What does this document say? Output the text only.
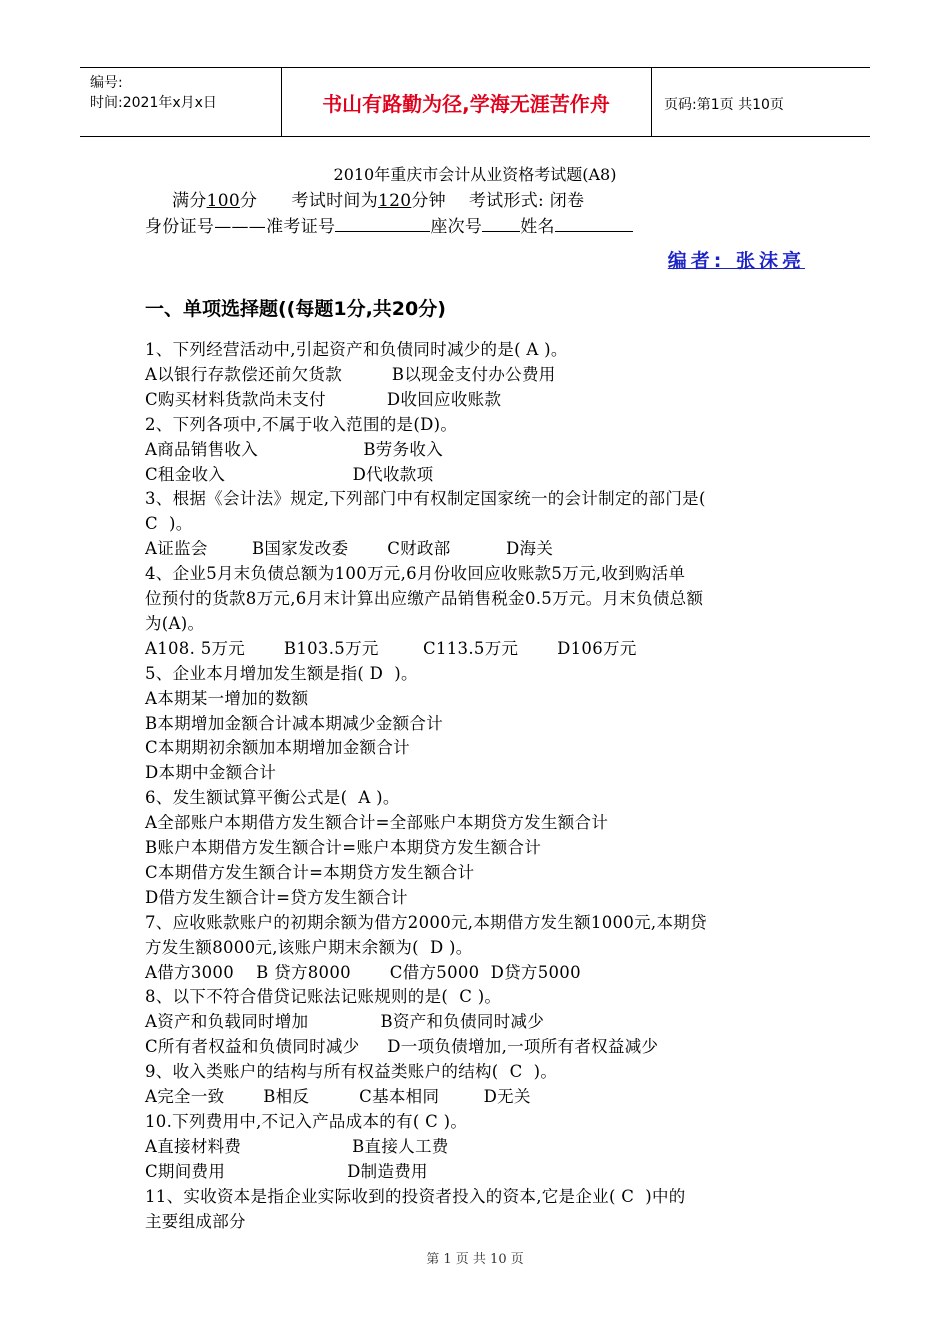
编号:
时间:2021年x月x日	书山有路勤为径,学海无涯苦作舟	页码:第1页 共10页
2010年重庆市会计从业资格考试题(A8)
满分100分 考试时间为120分钟 考试形式: 闭卷
身份证号———准考证号	座次号 姓名
编者: 张沫亮
一、单项选择题((每题1分,共20分)
1、下列经营活动中,引起资产和负债同时减少的是( A )。
A以银行存款偿还前欠货款         B以现金支付办公费用
C购买材料货款尚未支付           D收回应收账款
2、下列各项中,不属于收入范围的是(D)。
A商品销售收入                   B劳务收入
C租金收入                       D代收款项
3、根据《会计法》规定,下列部门中有权制定国家统一的会计制定的部门是(
C  )。
A证监会        B国家发改委       C财政部          D海关
4、企业5月末负债总额为100万元,6月份收回应收账款5万元,收到购活单
位预付的货款8万元,6月末计算出应缴产品销售税金0.5万元。月末负债总额
为(A)。
A108. 5万元       B103.5万元        C113.5万元       D106万元
5、企业本月增加发生额是指( D  )。
A本期某一增加的数额
B本期增加金额合计减本期减少金额合计
C本期期初余额加本期增加金额合计
D本期中金额合计
6、发生额试算平衡公式是(  A )。
A全部账户本期借方发生额合计=全部账户本期贷方发生额合计
B账户本期借方发生额合计=账户本期贷方发生额合计
C本期借方发生额合计=本期贷方发生额合计
D借方发生额合计=贷方发生额合计
7、应收账款账户的初期余额为借方2000元,本期借方发生额1000元,本期贷
方发生额8000元,该账户期末余额为(  D )。
A借方3000    B 贷方8000       C借方5000  D贷方5000
8、以下不符合借贷记账法记账规则的是(  C )。
A资产和负载同时增加             B资产和负债同时减少
C所有者权益和负债同时减少     D一项负债增加,一项所有者权益减少
9、收入类账户的结构与所有权益类账户的结构(  C  )。
A完全一致       B相反         C基本相同        D无关
10.下列费用中,不记入产品成本的有( C )。
A直接材料费                    B直接人工费
C期间费用                      D制造费用
11、实收资本是指企业实际收到的投资者投入的资本,它是企业( C  )中的
主要组成部分
第 1 页 共 10 页
